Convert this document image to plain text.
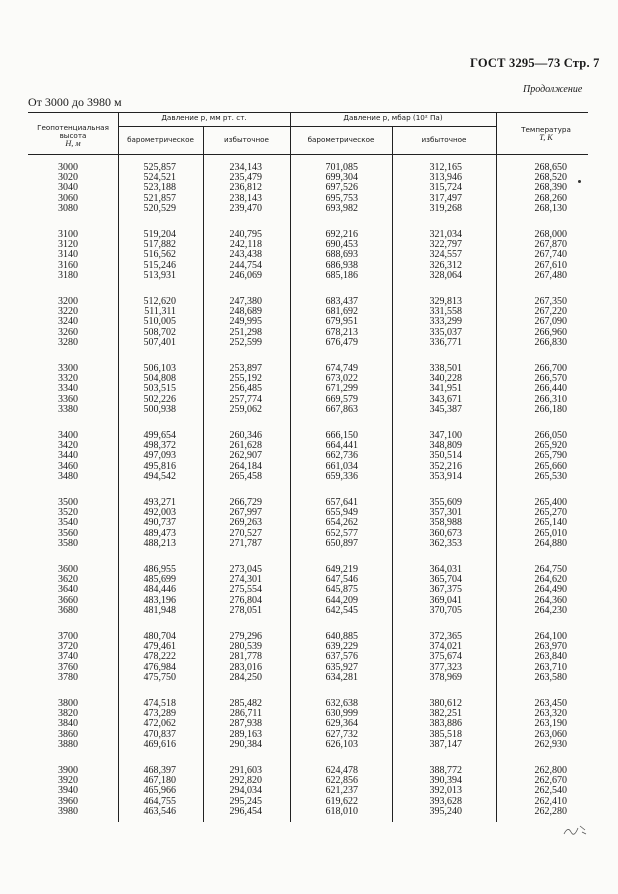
ГОСТ 3295—73 Стр. 7
Продолжение
От 3000 до 3980 м
Геопотенциальная
высота
H, м
Давление p, мм рт. ст.	Давление p, мбар (10² Па)
барометрическое	избыточное	барометрическое	избыточное
Температура
T, K
3000	525,857	234,143	701,085	312,165	268,650
3020	524,521	235,479	699,304	313,946	268,520
3040	523,188	236,812	697,526	315,724	268,390
3060	521,857	238,143	695,753	317,497	268,260
3080	520,529	239,470	693,982	319,268	268,130
3100	519,204	240,795	692,216	321,034	268,000
3120	517,882	242,118	690,453	322,797	267,870
3140	516,562	243,438	688,693	324,557	267,740
3160	515,246	244,754	686,938	326,312	267,610
3180	513,931	246,069	685,186	328,064	267,480
3200	512,620	247,380	683,437	329,813	267,350
3220	511,311	248,689	681,692	331,558	267,220
3240	510,005	249,995	679,951	333,299	267,090
3260	508,702	251,298	678,213	335,037	266,960
3280	507,401	252,599	676,479	336,771	266,830
3300	506,103	253,897	674,749	338,501	266,700
3320	504,808	255,192	673,022	340,228	266,570
3340	503,515	256,485	671,299	341,951	266,440
3360	502,226	257,774	669,579	343,671	266,310
3380	500,938	259,062	667,863	345,387	266,180
3400	499,654	260,346	666,150	347,100	266,050
3420	498,372	261,628	664,441	348,809	265,920
3440	497,093	262,907	662,736	350,514	265,790
3460	495,816	264,184	661,034	352,216	265,660
3480	494,542	265,458	659,336	353,914	265,530
3500	493,271	266,729	657,641	355,609	265,400
3520	492,003	267,997	655,949	357,301	265,270
3540	490,737	269,263	654,262	358,988	265,140
3560	489,473	270,527	652,577	360,673	265,010
3580	488,213	271,787	650,897	362,353	264,880
3600	486,955	273,045	649,219	364,031	264,750
3620	485,699	274,301	647,546	365,704	264,620
3640	484,446	275,554	645,875	367,375	264,490
3660	483,196	276,804	644,209	369,041	264,360
3680	481,948	278,051	642,545	370,705	264,230
3700	480,704	279,296	640,885	372,365	264,100
3720	479,461	280,539	639,229	374,021	263,970
3740	478,222	281,778	637,576	375,674	263,840
3760	476,984	283,016	635,927	377,323	263,710
3780	475,750	284,250	634,281	378,969	263,580
3800	474,518	285,482	632,638	380,612	263,450
3820	473,289	286,711	630,999	382,251	263,320
3840	472,062	287,938	629,364	383,886	263,190
3860	470,837	289,163	627,732	385,518	263,060
3880	469,616	290,384	626,103	387,147	262,930
3900	468,397	291,603	624,478	388,772	262,800
3920	467,180	292,820	622,856	390,394	262,670
3940	465,966	294,034	621,237	392,013	262,540
3960	464,755	295,245	619,622	393,628	262,410
3980	463,546	296,454	618,010	395,240	262,280
